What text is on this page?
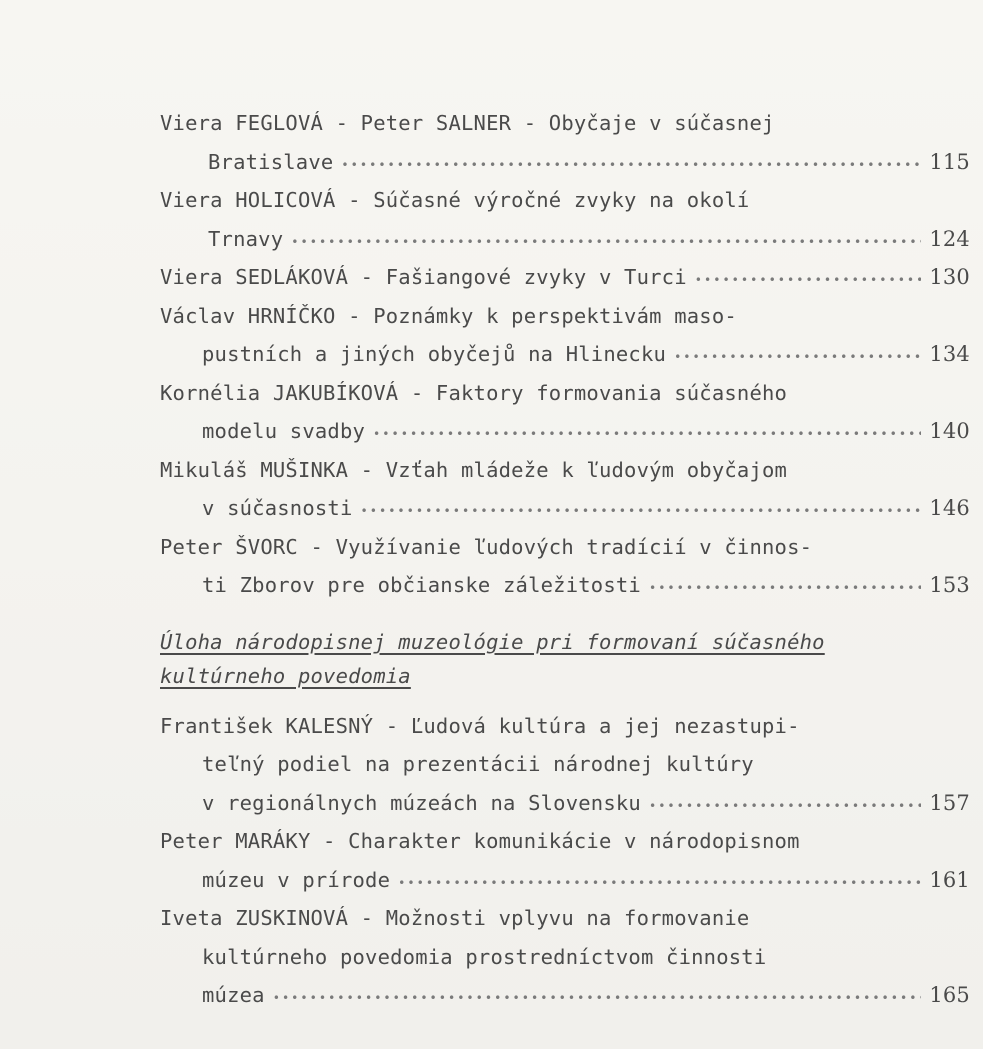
Viera FEGLOVÁ - Peter SALNER - Obyčaje v súčasnej
Bratislave •••••	115
Viera HOLICOVÁ - Súčasné výročné zvyky na okolí
Trnavy •••••	124
Viera SEDLÁKOVÁ - Fašiangové zvyky v Turci •••••	130
Václav HRNÍČKO - Poznámky k perspektivám maso-
pustních a jiných obyčejů na Hlinecku •••••	134
Kornélia JAKUBÍKOVÁ - Faktory formovania súčasného
modelu svadby •••••	140
Mikuláš MUŠINKA - Vzťah mládeže k ľudovým obyčajom
v súčasnosti •••••	146
Peter ŠVORC - Využívanie ľudových tradícií v činnos-
ti Zborov pre občianske záležitosti •••••	153
Úloha národopisnej muzeológie pri formovaní súčasného
kultúrneho povedomia
František KALESNÝ - Ľudová kultúra a jej nezastupi-
teľný podiel na prezentácii národnej kultúry
v regionálnych múzeách na Slovensku •••••	157
Peter MARÁKY - Charakter komunikácie v národopisnom
múzeu v prírode •••••	161
Iveta ZUSKINOVÁ - Možnosti vplyvu na formovanie
kultúrneho povedomia prostredníctvom činnosti
múzea •••••	165
